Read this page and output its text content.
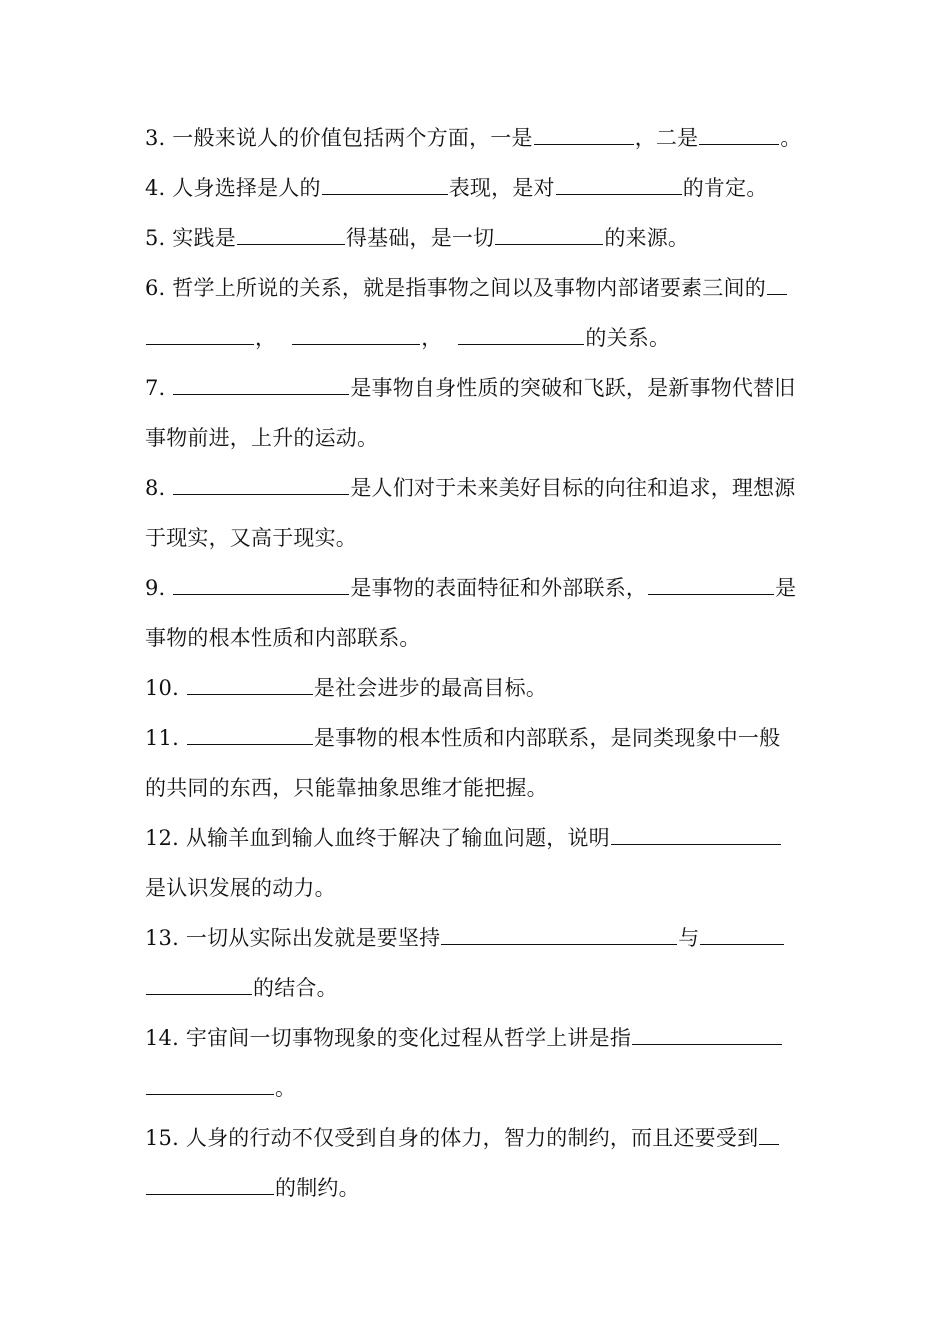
3. 一般来说人的价值包括两个方面，一是	，二是	。
4. 人身选择是人的	表现，是对	的肯定。
5. 实践是	得基础，是一切	的来源。
6. 哲学上所说的关系，就是指事物之间以及事物内部诸要素三间的
，	，	的关系。
7.	是事物自身性质的突破和飞跃，是新事物代替旧
事物前进，上升的运动。
8.	是人们对于未来美好目标的向往和追求，理想源
于现实，又高于现实。
9.	是事物的表面特征和外部联系，	是
事物的根本性质和内部联系。
10.	是社会进步的最高目标。
11.	是事物的根本性质和内部联系，是同类现象中一般
的共同的东西，只能靠抽象思维才能把握。
12. 从输羊血到输人血终于解决了输血问题，说明
是认识发展的动力。
13. 一切从实际出发就是要坚持	与
的结合。
14. 宇宙间一切事物现象的变化过程从哲学上讲是指
。
15. 人身的行动不仅受到自身的体力，智力的制约，而且还要受到
的制约。
